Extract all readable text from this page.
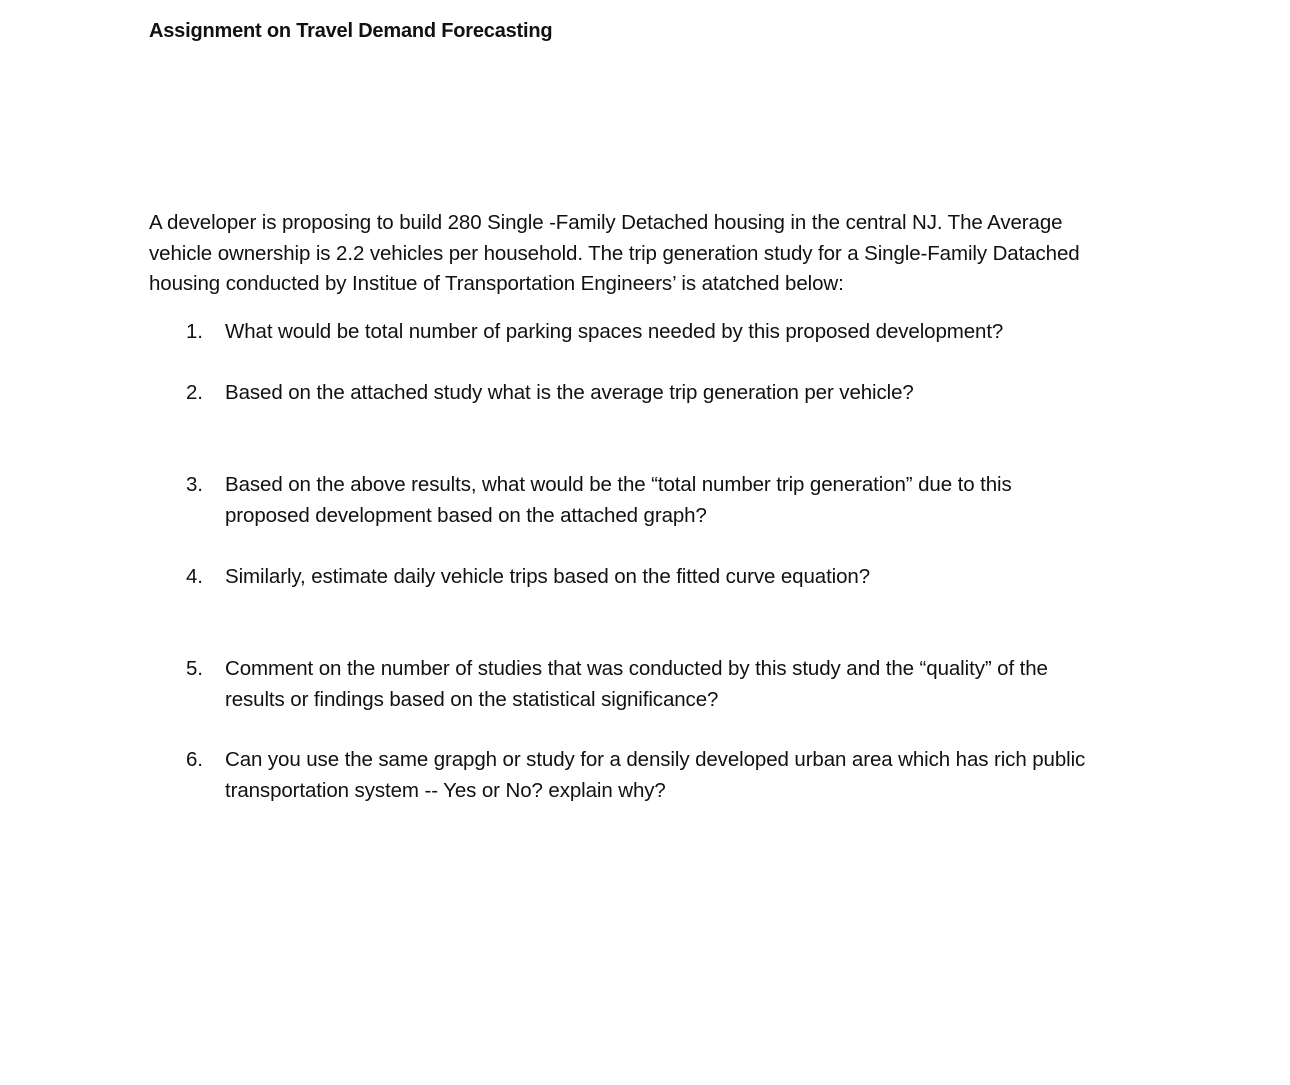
Assignment on Travel Demand Forecasting
A developer is proposing to build 280 Single -Family Detached housing in the central NJ. The Average
vehicle ownership is 2.2 vehicles per household. The trip generation study for a Single-Family Datached
housing conducted by Institue of Transportation Engineers’ is atatched below:
1.	What would be total number of parking spaces needed by this proposed development?
2.	Based on the attached study what is the average trip generation per vehicle?
3.	Based on the above results, what would be the “total number trip generation” due to this
proposed development based on the attached graph?
4.	Similarly, estimate daily vehicle trips based on the fitted curve equation?
5.	Comment on the number of studies that was conducted by this study and the “quality” of the
results or findings based on the statistical significance?
6.	Can you use the same grapgh or study for a densily developed urban area which has rich public
transportation system -- Yes or No? explain why?
